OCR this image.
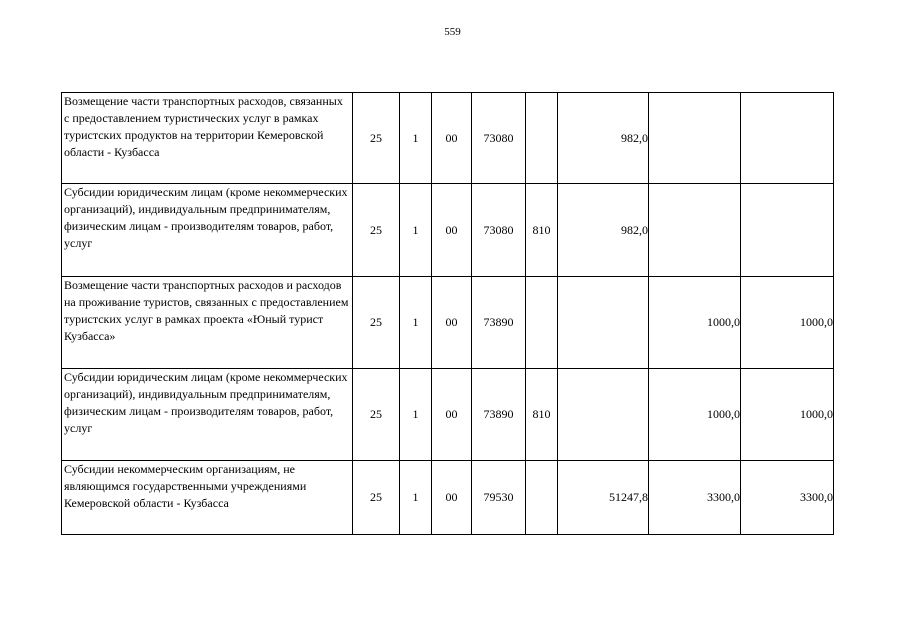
559
Возмещение части транспортных расходов, связанных с предоставлением туристических услуг в рамках туристских продуктов на территории Кемеровской области - Кузбасса	25	1	00	73080		982,0		
Субсидии юридическим лицам (кроме некоммерческих организаций), индивидуальным предпринимателям, физическим лицам - производителям товаров, работ, услуг	25	1	00	73080	810	982,0		
Возмещение части транспортных расходов и расходов на проживание туристов, связанных с предоставлением туристских услуг в рамках проекта «Юный турист Кузбасса»	25	1	00	73890			1000,0	1000,0
Субсидии юридическим лицам (кроме некоммерческих организаций), индивидуальным предпринимателям, физическим лицам - производителям товаров, работ, услуг	25	1	00	73890	810		1000,0	1000,0
Субсидии некоммерческим организациям, не являющимся государственными учреждениями Кемеровской области - Кузбасса	25	1	00	79530		51247,8	3300,0	3300,0
